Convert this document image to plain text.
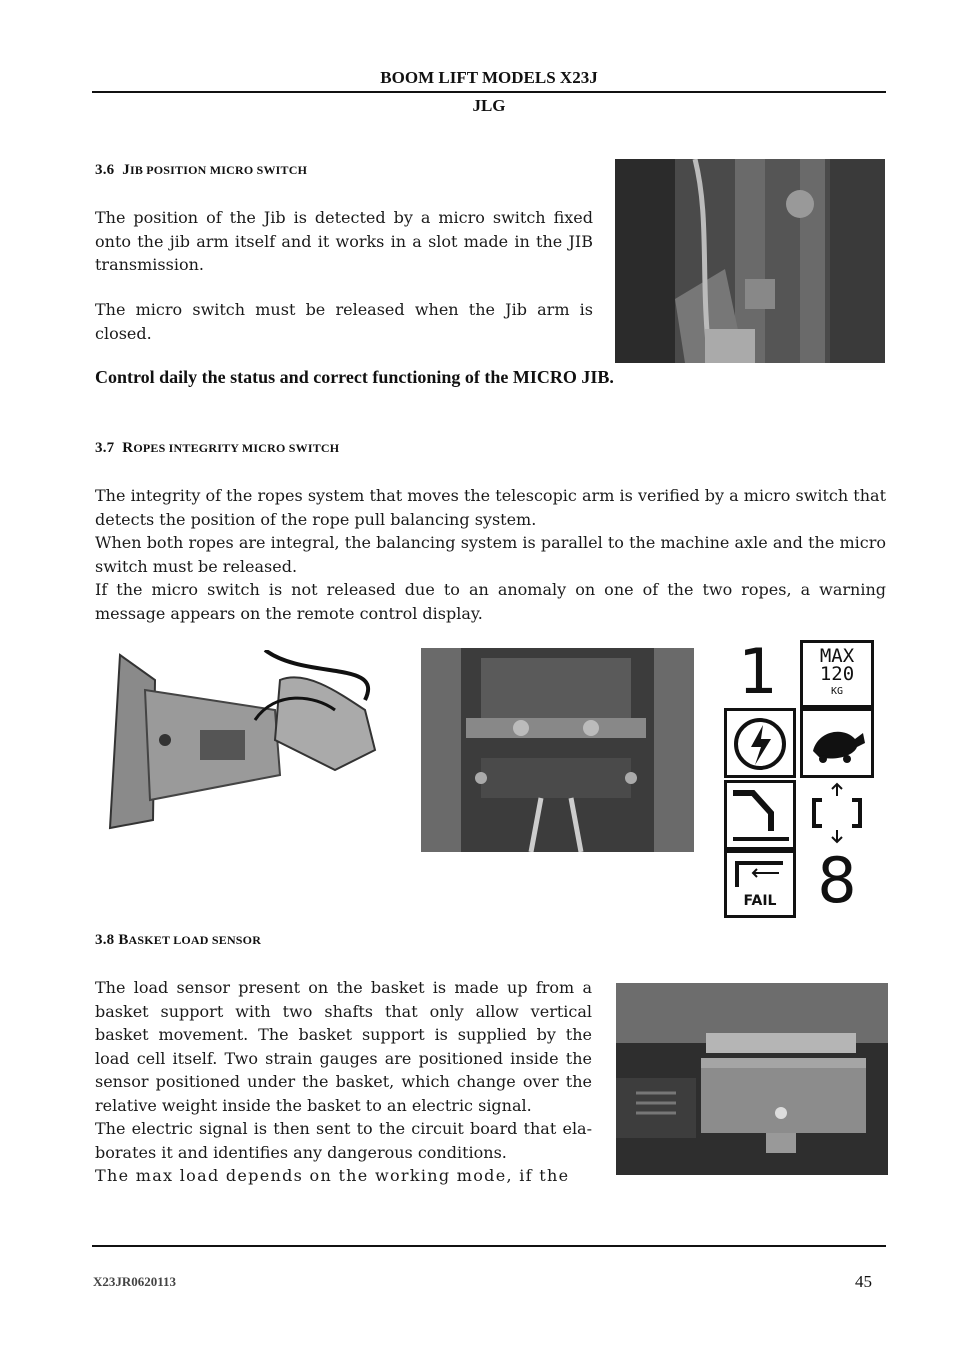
BOOM LIFT MODELS X23J
JLG
3.6 JIB POSITION MICRO SWITCH
The position of the Jib is detected by a micro switch fixed onto the jib arm itself and it works in a slot made in the JIB transmission.
The micro switch must be released when the Jib arm is closed.
Control daily the status and correct functioning of the MICRO JIB.
3.7 ROPES INTEGRITY MICRO SWITCH
The integrity of the ropes system that moves the telescopic arm is verified by a micro switch that detects the position of the rope pull balancing system.
When both ropes are integral, the balancing system is parallel to the machine axle and the micro switch must be released.
If the micro switch is not released due to an anomaly on one of the two ropes, a warning message appears on the remote control display.
1	MAX
120
KG
FAIL 8
3.8 BASKET LOAD SENSOR
The load sensor present on the basket is made up from a basket support with two shafts that only allow vertical basket movement. The basket support is supplied by the load cell itself. Two strain gauges are positioned inside the sensor positioned under the basket, which change over the relative weight inside the basket to an electric signal.
The electric signal is then sent to the circuit board that ela-borates it and identifies any dangerous conditions.
The max load depends on the working mode, if the
X23JR0620113	45
